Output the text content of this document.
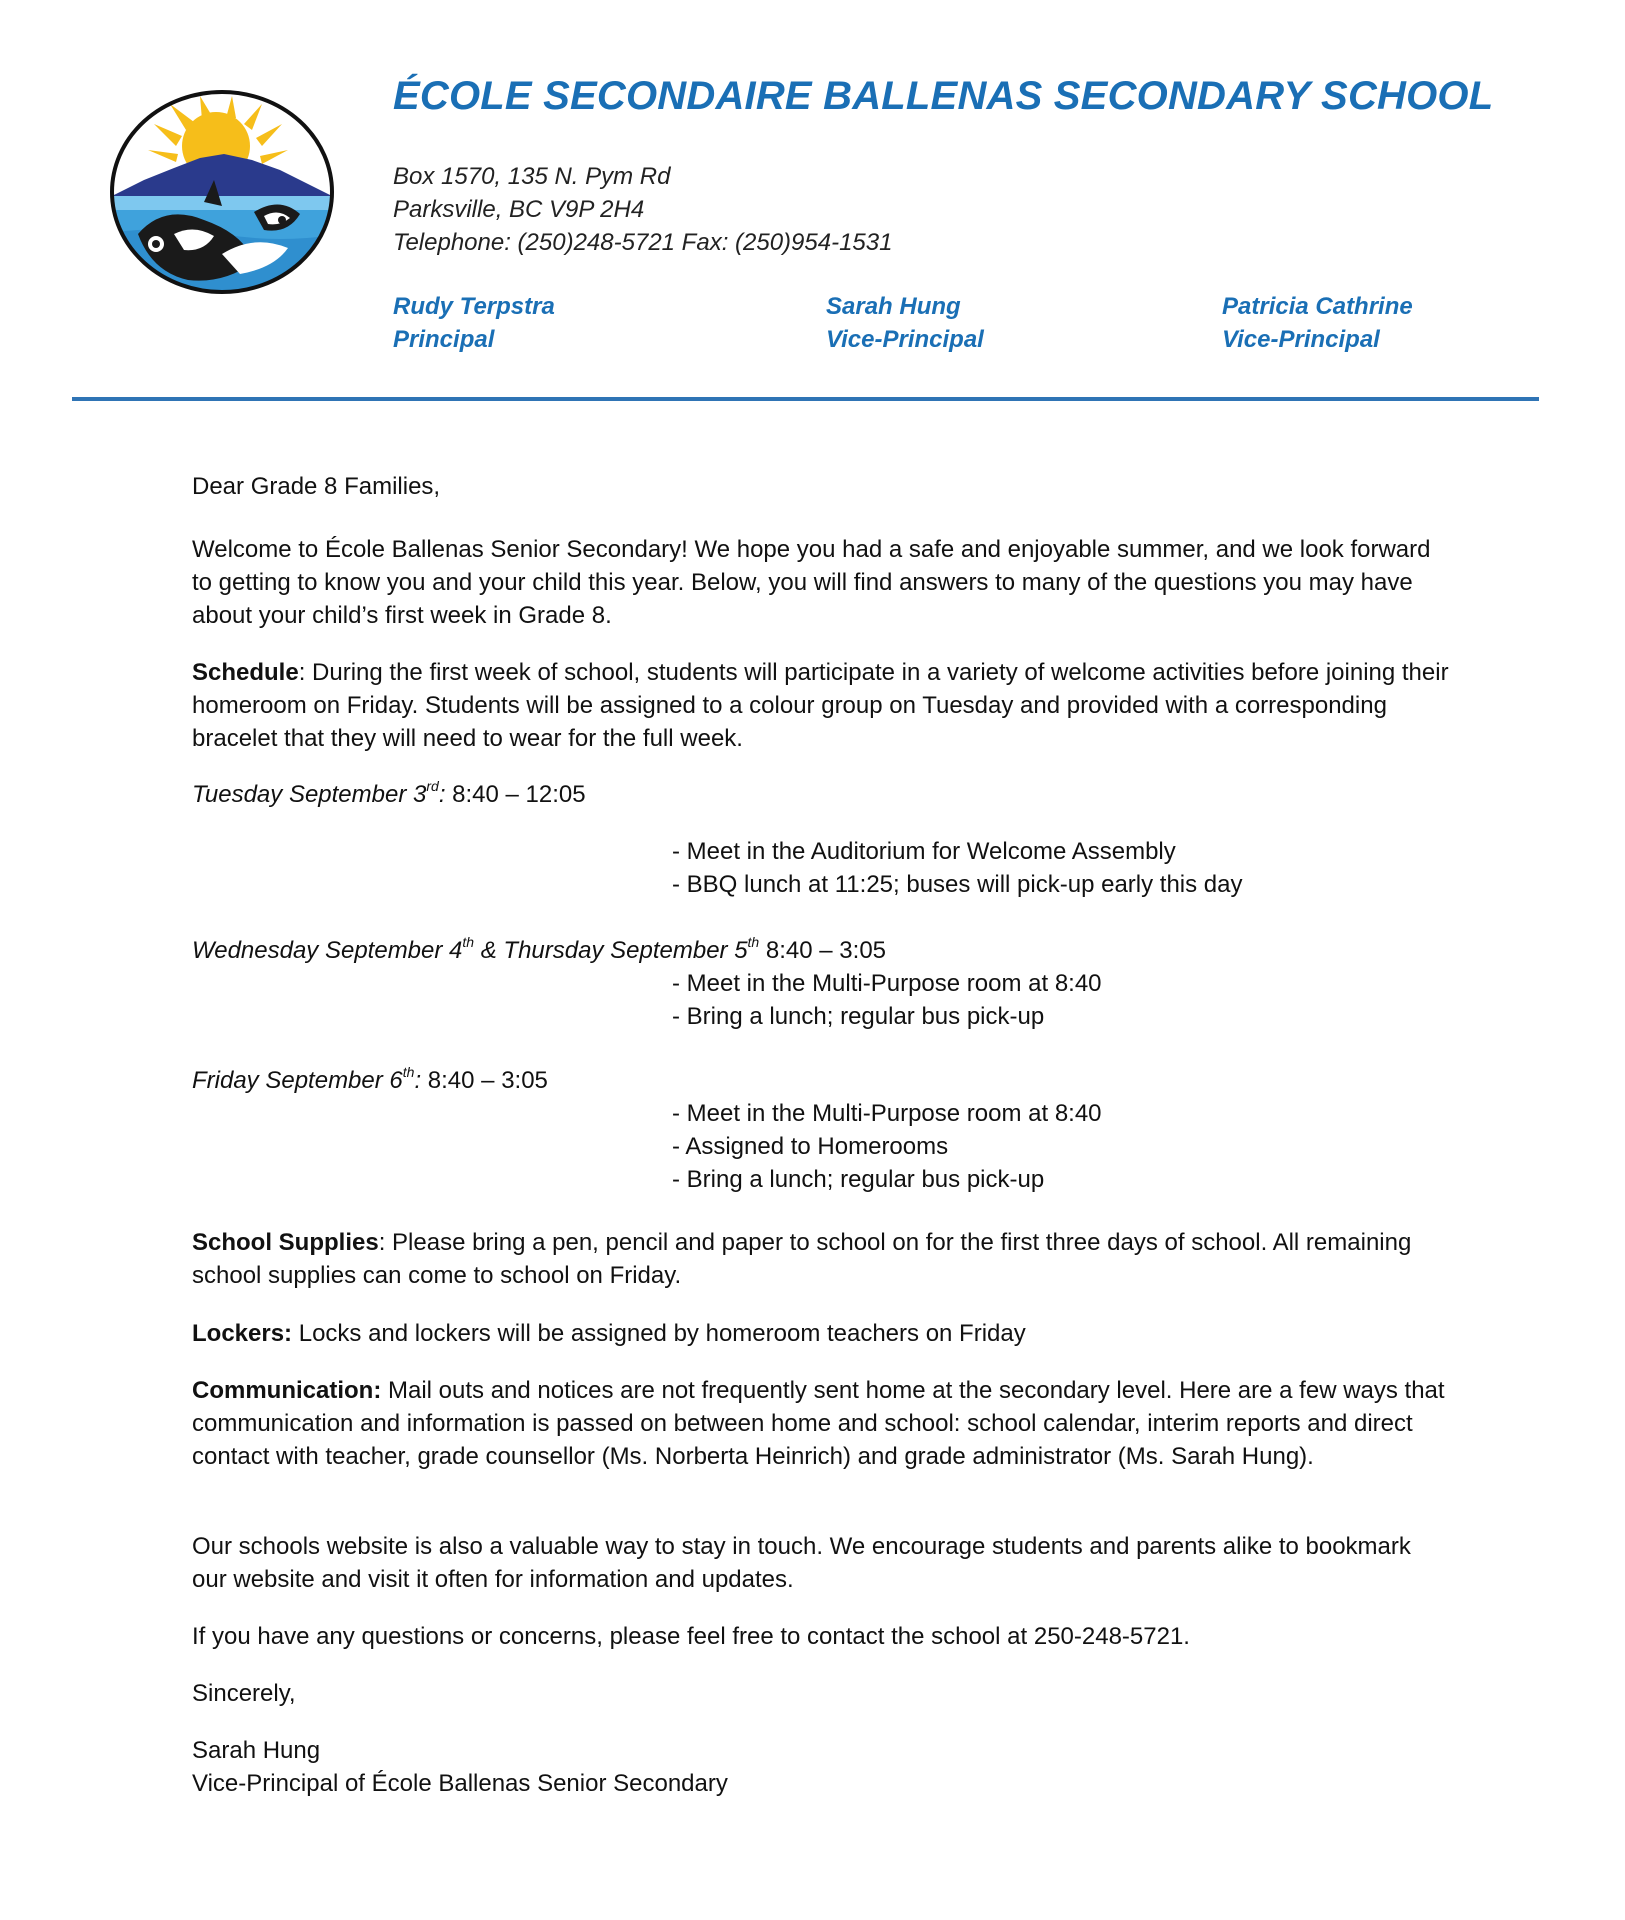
ÉCOLE SECONDAIRE BALLENAS SECONDARY SCHOOL
Box 1570, 135 N. Pym Rd
Parksville, BC V9P 2H4
Telephone: (250)248-5721 Fax: (250)954-1531
Rudy Terpstra
Principal
Sarah Hung
Vice-Principal
Patricia Cathrine
Vice-Principal

Dear Grade 8 Families,

Welcome to École Ballenas Senior Secondary! We hope you had a safe and enjoyable summer, and we look forward to getting to know you and your child this year. Below, you will find answers to many of the questions you may have about your child’s first week in Grade 8.

Schedule: During the first week of school, students will participate in a variety of welcome activities before joining their homeroom on Friday. Students will be assigned to a colour group on Tuesday and provided with a corresponding bracelet that they will need to wear for the full week.

Tuesday September 3rd: 8:40 – 12:05

- Meet in the Auditorium for Welcome Assembly
- BBQ lunch at 11:25; buses will pick-up early this day

Wednesday September 4th & Thursday September 5th 8:40 – 3:05

- Meet in the Multi-Purpose room at 8:40
- Bring a lunch; regular bus pick-up

Friday September 6th: 8:40 – 3:05

- Meet in the Multi-Purpose room at 8:40
- Assigned to Homerooms
- Bring a lunch; regular bus pick-up

School Supplies: Please bring a pen, pencil and paper to school on for the first three days of school. All remaining school supplies can come to school on Friday.

Lockers: Locks and lockers will be assigned by homeroom teachers on Friday

Communication: Mail outs and notices are not frequently sent home at the secondary level. Here are a few ways that communication and information is passed on between home and school: school calendar, interim reports and direct contact with teacher, grade counsellor (Ms. Norberta Heinrich) and grade administrator (Ms. Sarah Hung).

Our schools website is also a valuable way to stay in touch. We encourage students and parents alike to bookmark our website and visit it often for information and updates.

If you have any questions or concerns, please feel free to contact the school at 250-248-5721.

Sincerely,

Sarah Hung

Vice-Principal of École Ballenas Senior Secondary
